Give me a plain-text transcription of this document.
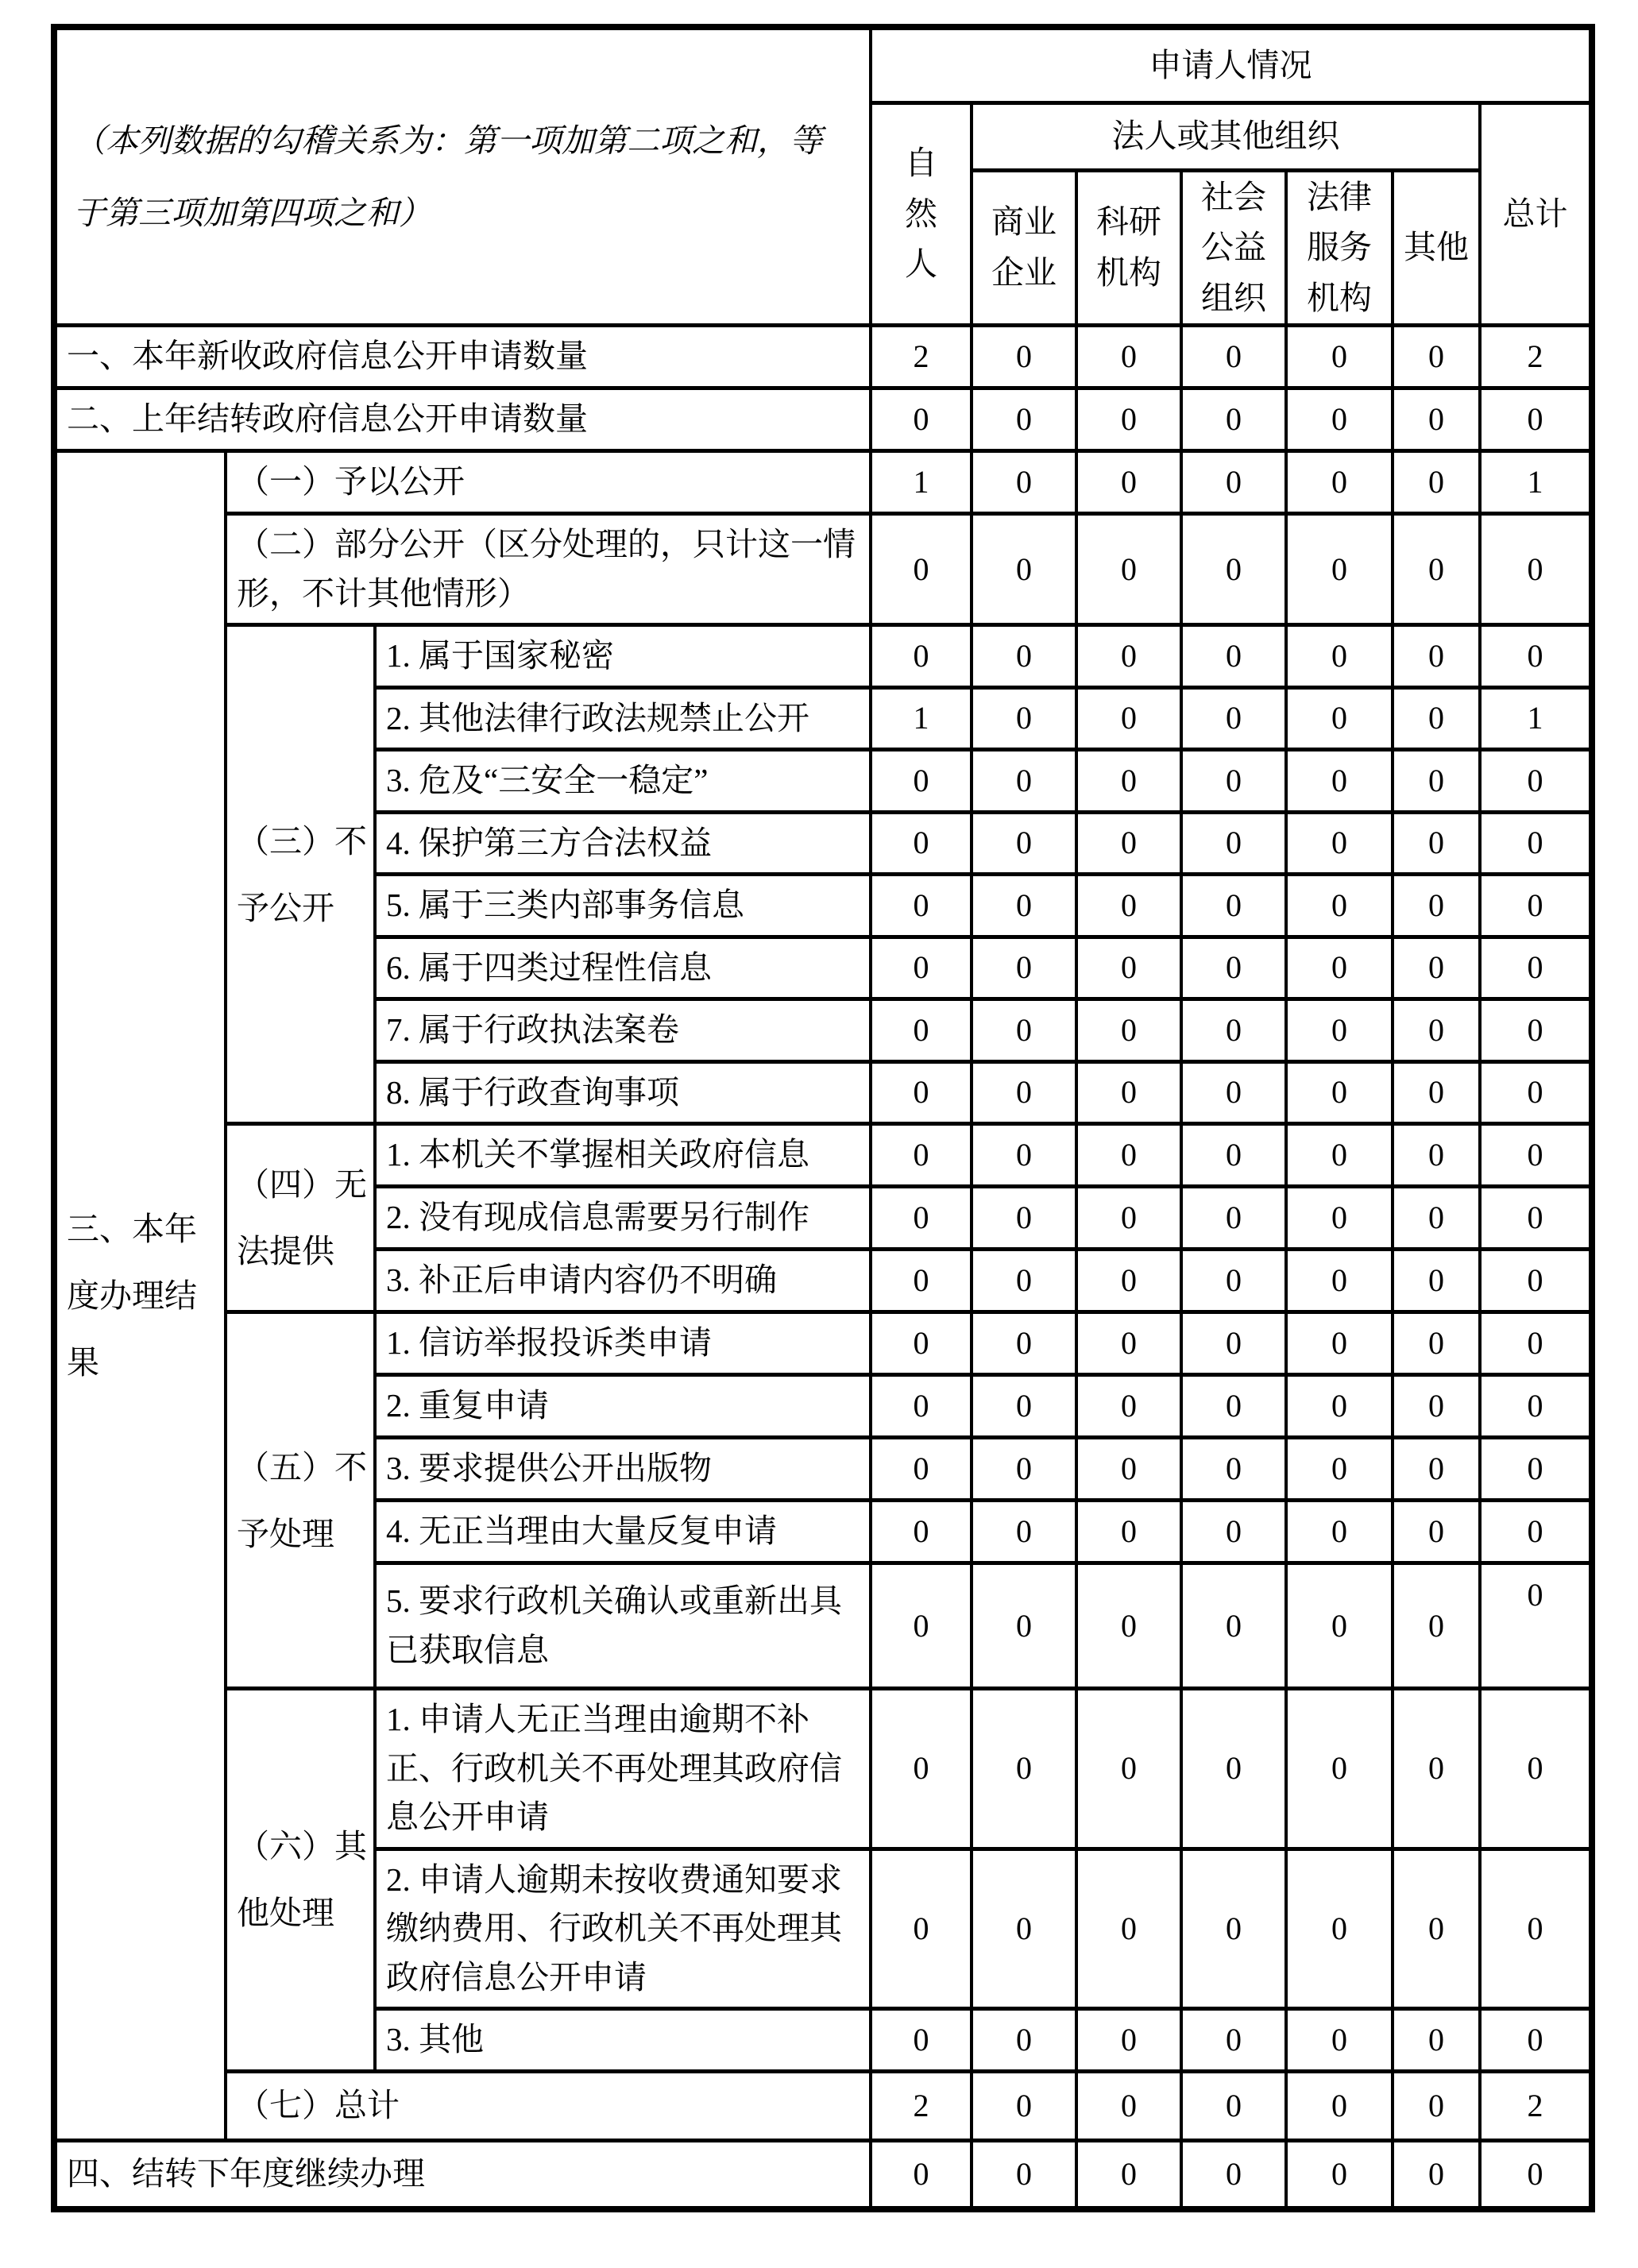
（本列数据的勾稽关系为：第一项加第二项之和，等于第三项加第四项之和）			申请人情况						

			自然人	法人或其他组织					总计

				商业企业	科研机构	社会公益组织	法律服务机构	其他	
一、本年新收政府信息公开申请数量			2	0	0	0	0	0	2
二、上年结转政府信息公开申请数量			0	0	0	0	0	0	0

三、本年度办理结果	（一）予以公开		1	0	0	0	0	0	1
	（二）部分公开（区分处理的，只计这一情形，不计其他情形）		0	0	0	0	0	0	0

	（三）不予公开	1. 属于国家秘密	0	0	0	0	0	0	0
		2. 其他法律行政法规禁止公开	1	0	0	0	0	0	1
		3. 危及“三安全一稳定”	0	0	0	0	0	0	0
		4. 保护第三方合法权益	0	0	0	0	0	0	0
		5. 属于三类内部事务信息	0	0	0	0	0	0	0
		6. 属于四类过程性信息	0	0	0	0	0	0	0
		7. 属于行政执法案卷	0	0	0	0	0	0	0
		8. 属于行政查询事项	0	0	0	0	0	0	0

	（四）无法提供	1. 本机关不掌握相关政府信息	0	0	0	0	0	0	0
		2. 没有现成信息需要另行制作	0	0	0	0	0	0	0
		3. 补正后申请内容仍不明确	0	0	0	0	0	0	0

	（五）不予处理	1. 信访举报投诉类申请	0	0	0	0	0	0	0
		2. 重复申请	0	0	0	0	0	0	0
		3. 要求提供公开出版物	0	0	0	0	0	0	0
		4. 无正当理由大量反复申请	0	0	0	0	0	0	0
		5. 要求行政机关确认或重新出具已获取信息	0	0	0	0	0	0	0

	（六）其他处理	1. 申请人无正当理由逾期不补正、行政机关不再处理其政府信息公开申请	0	0	0	0	0	0	0
		2. 申请人逾期未按收费通知要求缴纳费用、行政机关不再处理其政府信息公开申请	0	0	0	0	0	0	0
		3. 其他	0	0	0	0	0	0	0
	（七）总计		2	0	0	0	0	0	2
四、结转下年度继续办理			0	0	0	0	0	0	0
